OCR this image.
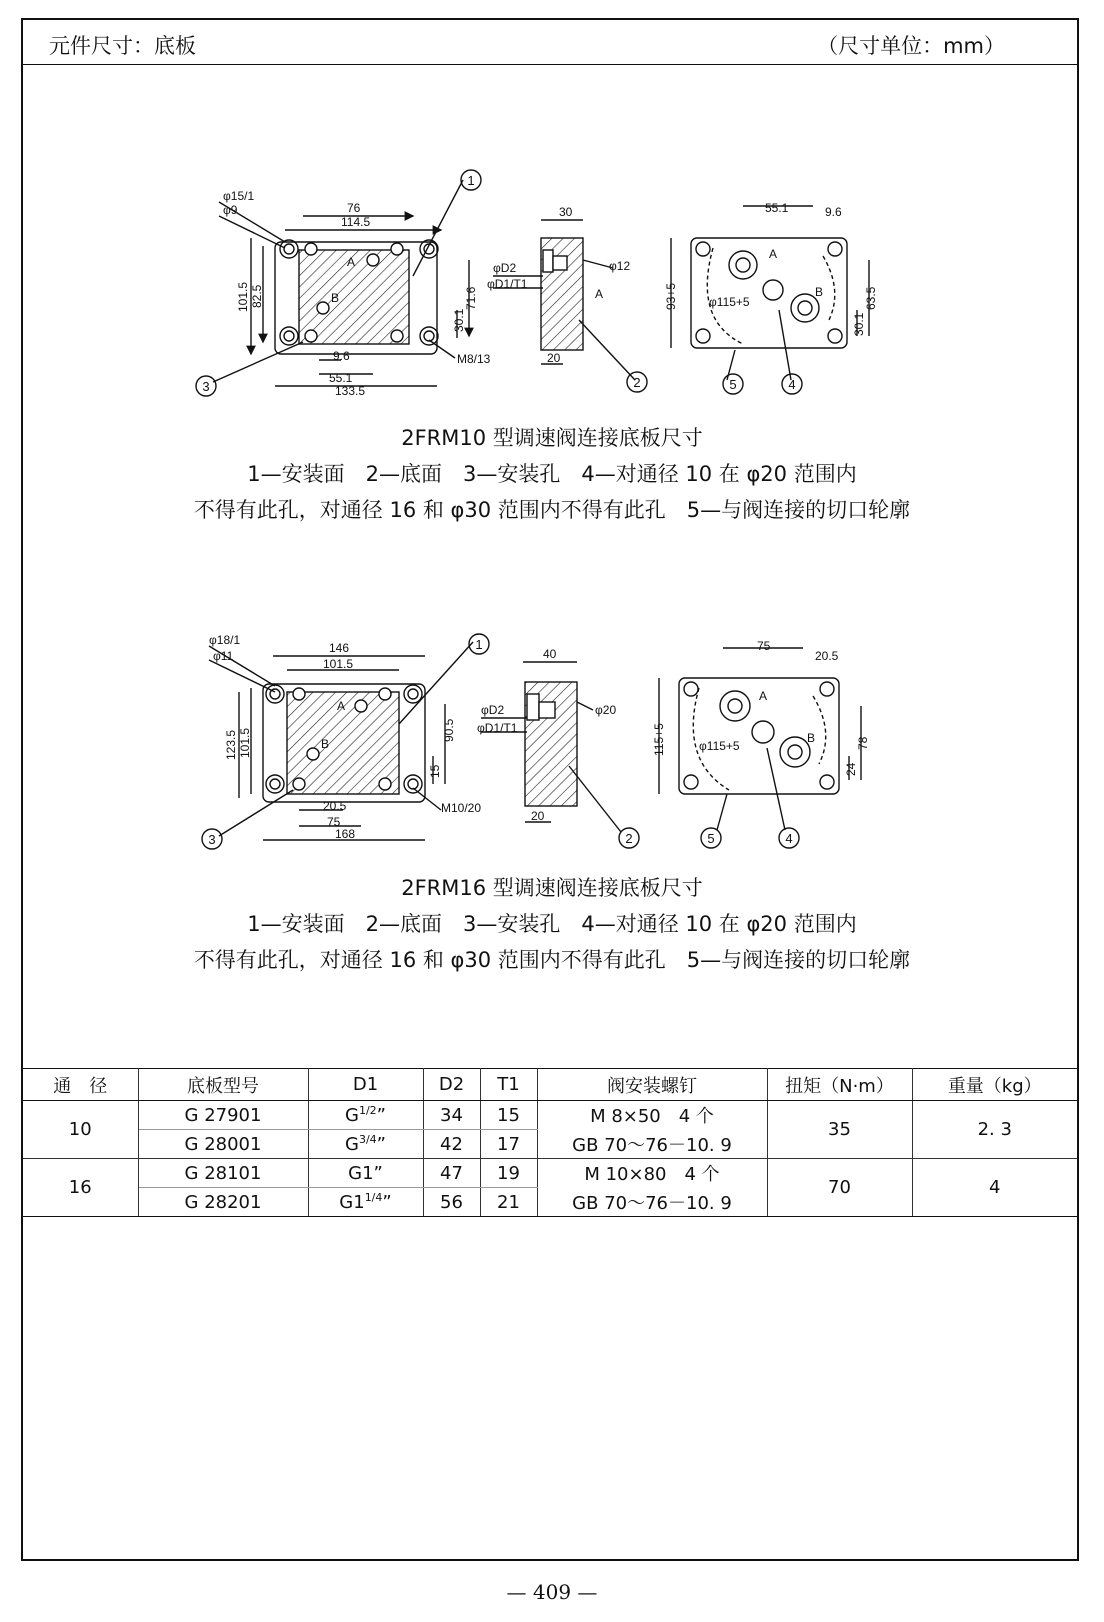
元件尺寸：底板	（尺寸单位：mm）
φ15/1
φ9
114.5
76
A
B
101.5 82.5	71.6
30.1
9.6
55.1
133.5
M8/13
30
φD2
φD1/T1
φ12
A
20
55.1	9.6
93+5	63.5
30.1
φ115+5
A
B
1
2
3	4
5
φ18/1
φ11
146
101.5
A
B
123.5 101.5	90.5
15
20.5
75
168
M10/20
40
φD2
φD1/T1
φ20
20
75
20.5
115+5	78
24
φ115+5
A
B
1
2
3	4
5
2FRM10 型调速阀连接底板尺寸
1—安装面　2—底面　3—安装孔　4—对通径 10 在 φ20 范围内
不得有此孔，对通径 16 和 φ30 范围内不得有此孔　5—与阀连接的切口轮廓
2FRM16 型调速阀连接底板尺寸
1—安装面　2—底面　3—安装孔　4—对通径 10 在 φ20 范围内
不得有此孔，对通径 16 和 φ30 范围内不得有此孔　5—与阀连接的切口轮廓
通　径	底板型号	D1	D2	T1	阀安装螺钉	扭矩（N·m）	重量（kg）
10	G 27901	$G^{1/2}$”	34	15	M 8×50　4 个	35	2. 3
	G 28001	$G^{3/4}$”	42	17	GB 70～76－10. 9		
16	G 28101	G1”	47	19	M 10×80　4 个	70	4
	G 28201	$G1^{1/4}$”	56	21	GB 70～76－10. 9		
— 409 —
